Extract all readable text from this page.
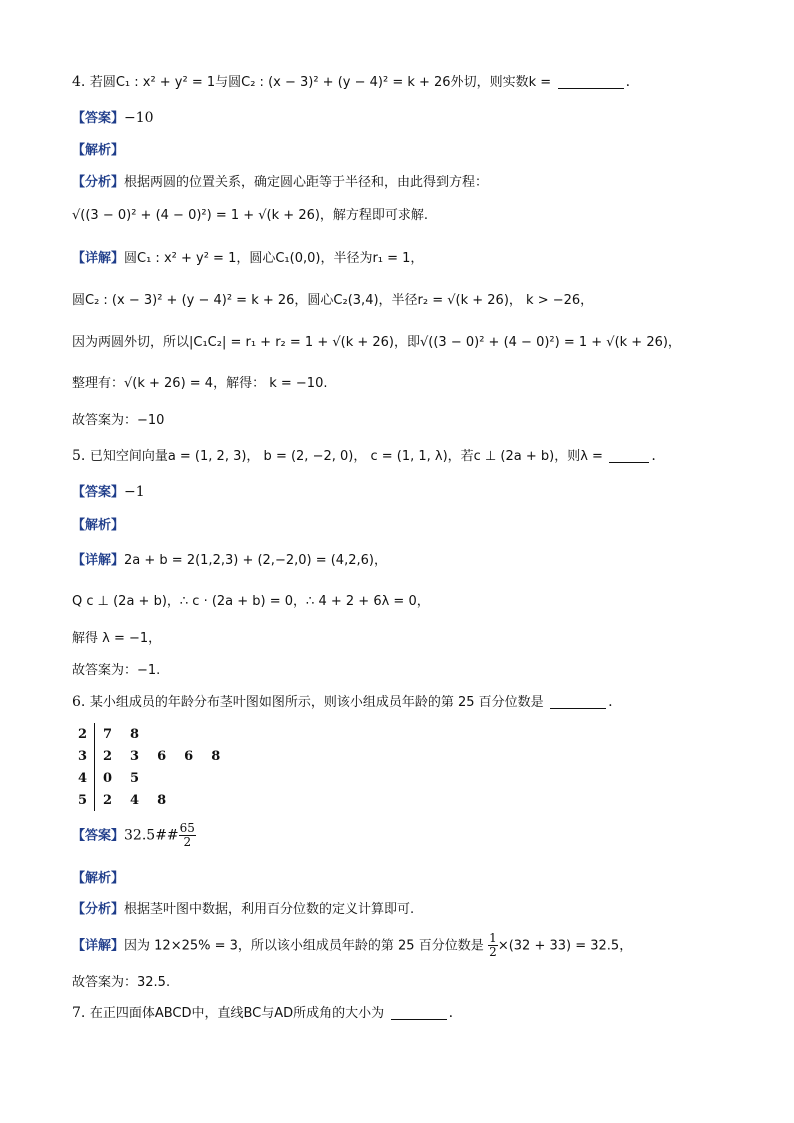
4. 若圆C₁ : x² + y² = 1与圆C₂ : (x − 3)² + (y − 4)² = k + 26外切，则实数k =	.
【答案】−10
【解析】
【分析】根据两圆的位置关系，确定圆心距等于半径和，由此得到方程：
√((3 − 0)² + (4 − 0)²) = 1 + √(k + 26)，解方程即可求解.
【详解】圆C₁ : x² + y² = 1，圆心C₁(0,0)，半径为r₁ = 1，
圆C₂ : (x − 3)² + (y − 4)² = k + 26，圆心C₂(3,4)，半径r₂ = √(k + 26)， k > −26，
因为两圆外切，所以|C₁C₂| = r₁ + r₂ = 1 + √(k + 26)，即√((3 − 0)² + (4 − 0)²) = 1 + √(k + 26)，
整理有：√(k + 26) = 4，解得： k = −10.
故答案为：−10
5. 已知空间向量a = (1, 2, 3)， b = (2, −2, 0)， c = (1, 1, λ)，若c ⊥ (2a + b)，则λ =	.
【答案】−1
【解析】
【详解】2a + b = 2(1,2,3) + (2,−2,0) = (4,2,6)，
Q c ⊥ (2a + b)，∴ c · (2a + b) = 0，∴ 4 + 2 + 6λ = 0，
解得 λ = −1，
故答案为：−1.
6. 某小组成员的年龄分布茎叶图如图所示，则该小组成员年龄的第 25 百分位数是	.
2	7	8			
3	2	3	6	6	8
4	0	5			
5	2	4	8		
【答案】32.5## $\frac{65}{2}$
【解析】
【分析】根据茎叶图中数据，利用百分位数的定义计算即可.
【详解】因为 12×25% = 3，所以该小组成员年龄的第 25 百分位数是 $\frac{1}{2} \times(32 + 33) = 32.5$，
故答案为：32.5.
7. 在正四面体ABCD中，直线BC与AD所成角的大小为	.
